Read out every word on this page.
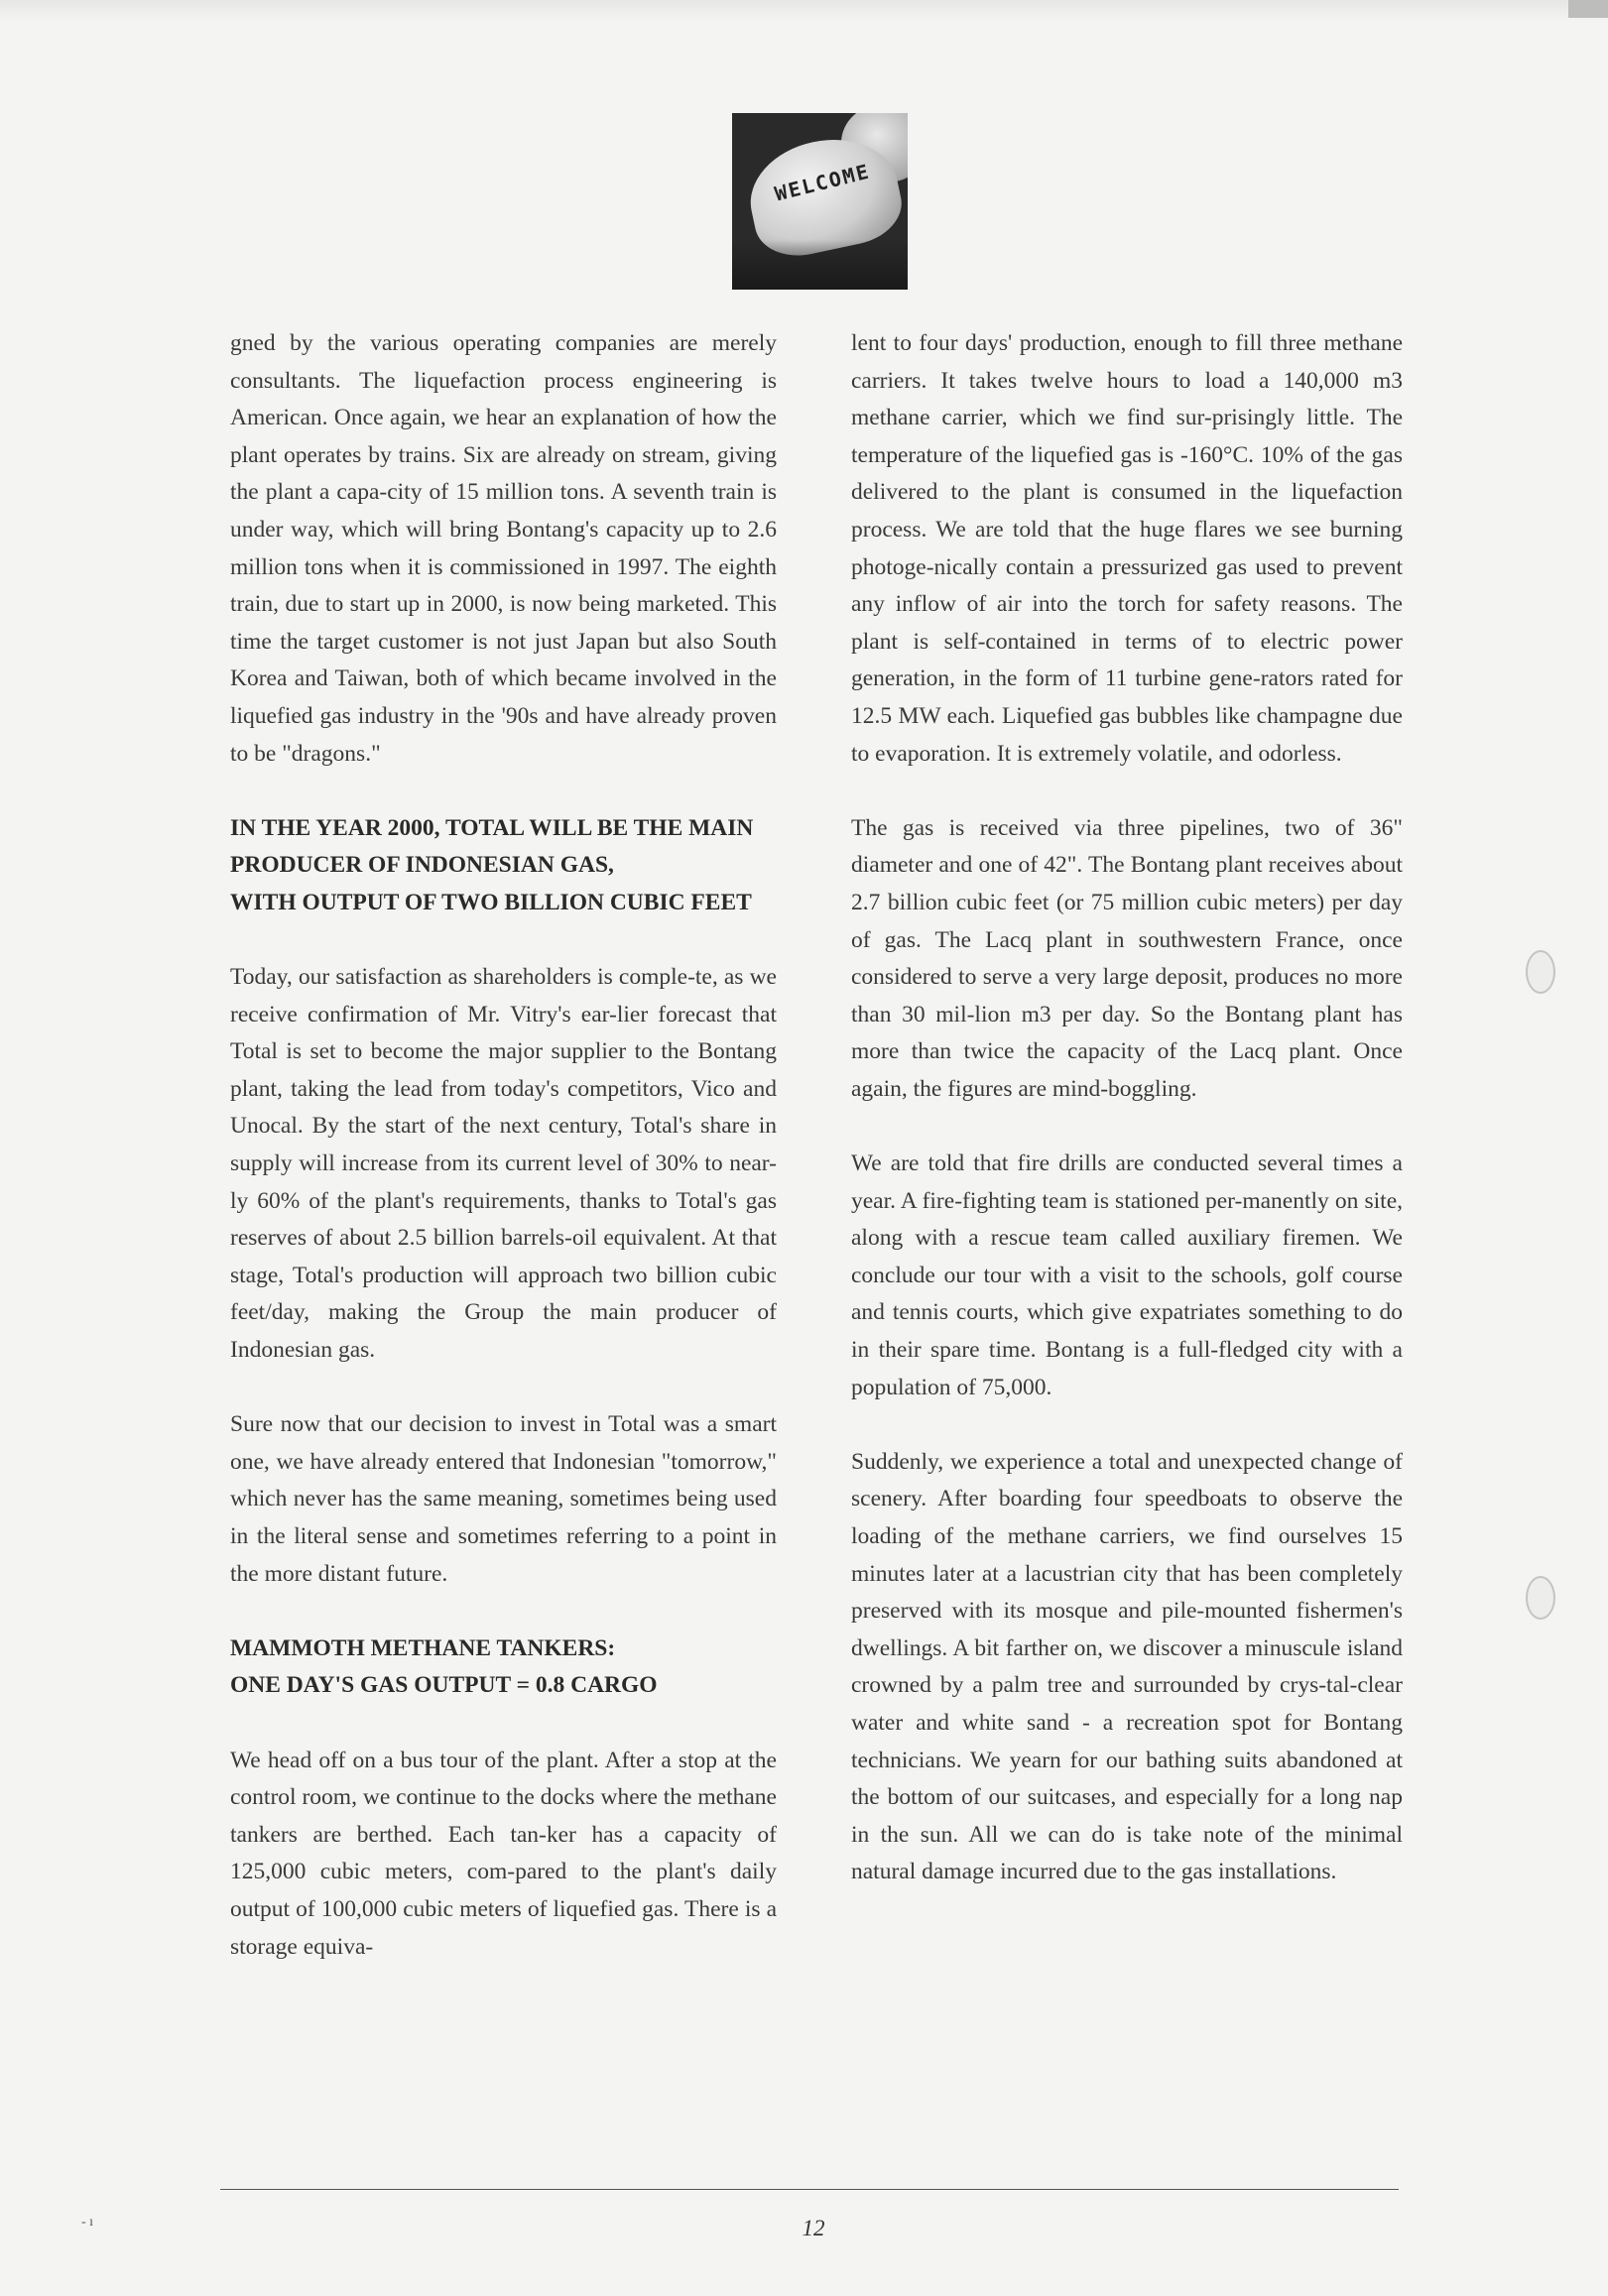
WELCOME

gned by the various operating companies are merely consultants. The liquefaction process engineering is American. Once again, we hear an explanation of how the plant operates by trains. Six are already on stream, giving the plant a capa-city of 15 million tons. A seventh train is under way, which will bring Bontang's capacity up to 2.6 million tons when it is commissioned in 1997. The eighth train, due to start up in 2000, is now being marketed. This time the target customer is not just Japan but also South Korea and Taiwan, both of which became involved in the liquefied gas industry in the '90s and have already proven to be "dragons."

IN THE YEAR 2000, TOTAL WILL BE THE MAIN
PRODUCER OF INDONESIAN GAS,
WITH OUTPUT OF TWO BILLION CUBIC FEET

Today, our satisfaction as shareholders is comple-te, as we receive confirmation of Mr. Vitry's ear-lier forecast that Total is set to become the major supplier to the Bontang plant, taking the lead from today's competitors, Vico and Unocal. By the start of the next century, Total's share in supply will increase from its current level of 30% to near-ly 60% of the plant's requirements, thanks to Total's gas reserves of about 2.5 billion barrels-oil equivalent. At that stage, Total's production will approach two billion cubic feet/day, making the Group the main producer of Indonesian gas.

Sure now that our decision to invest in Total was a smart one, we have already entered that Indonesian "tomorrow," which never has the same meaning, sometimes being used in the literal sense and sometimes referring to a point in the more distant future.

MAMMOTH METHANE TANKERS:
ONE DAY'S GAS OUTPUT = 0.8 CARGO

We head off on a bus tour of the plant. After a stop at the control room, we continue to the docks where the methane tankers are berthed. Each tan-ker has a capacity of 125,000 cubic meters, com-pared to the plant's daily output of 100,000 cubic meters of liquefied gas. There is a storage equiva-

lent to four days' production, enough to fill three methane carriers. It takes twelve hours to load a 140,000 m3 methane carrier, which we find sur-prisingly little. The temperature of the liquefied gas is -160°C. 10% of the gas delivered to the plant is consumed in the liquefaction process. We are told that the huge flares we see burning photoge-nically contain a pressurized gas used to prevent any inflow of air into the torch for safety reasons. The plant is self-contained in terms of to electric power generation, in the form of 11 turbine gene-rators rated for 12.5 MW each. Liquefied gas bubbles like champagne due to evaporation. It is extremely volatile, and odorless.

The gas is received via three pipelines, two of 36" diameter and one of 42". The Bontang plant receives about 2.7 billion cubic feet (or 75 million cubic meters) per day of gas. The Lacq plant in southwestern France, once considered to serve a very large deposit, produces no more than 30 mil-lion m3 per day. So the Bontang plant has more than twice the capacity of the Lacq plant. Once again, the figures are mind-boggling.

We are told that fire drills are conducted several times a year. A fire-fighting team is stationed per-manently on site, along with a rescue team called auxiliary firemen. We conclude our tour with a visit to the schools, golf course and tennis courts, which give expatriates something to do in their spare time. Bontang is a full-fledged city with a population of 75,000.

Suddenly, we experience a total and unexpected change of scenery. After boarding four speedboats to observe the loading of the methane carriers, we find ourselves 15 minutes later at a lacustrian city that has been completely preserved with its mosque and pile-mounted fishermen's dwellings. A bit farther on, we discover a minuscule island crowned by a palm tree and surrounded by crys-tal-clear water and white sand - a recreation spot for Bontang technicians. We yearn for our bathing suits abandoned at the bottom of our suitcases, and especially for a long nap in the sun. All we can do is take note of the minimal natural damage incurred due to the gas installations.

12
- ı
